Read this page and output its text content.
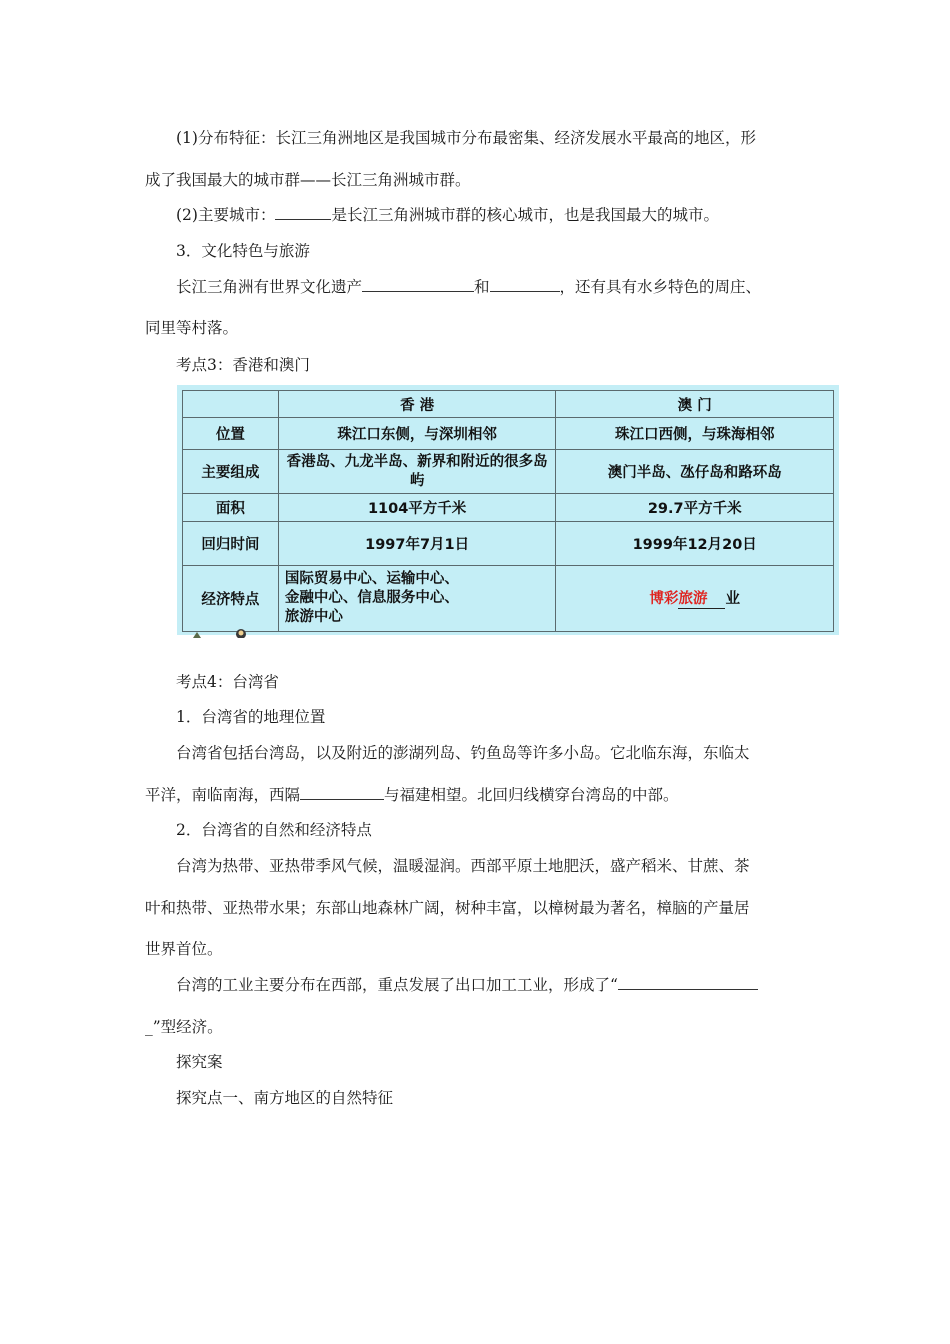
(1)分布特征：长江三角洲地区是我国城市分布最密集、经济发展水平最高的地区，形
成了我国最大的城市群——长江三角洲城市群。
(2)主要城市：	是长江三角洲城市群的核心城市，也是我国最大的城市。
3．文化特色与旅游
长江三角洲有世界文化遗产	和	，还有具有水乡特色的周庄、
同里等村落。
考点3：香港和澳门
	香 港	澳 门
位置	珠江口东侧，与深圳相邻	珠江口西侧，与珠海相邻
主要组成	香港岛、九龙半岛、新界和附近的很多岛屿	澳门半岛、氹仔岛和路环岛
面积	1104平方千米	29.7平方千米
回归时间	1997年7月1日	1999年12月20日
经济特点	国际贸易中心、运输中心、
金融中心、信息服务中心、
旅游中心	博彩旅游 业
考点4：台湾省
1．台湾省的地理位置
台湾省包括台湾岛，以及附近的澎湖列岛、钓鱼岛等许多小岛。它北临东海，东临太
平洋，南临南海，西隔	与福建相望。北回归线横穿台湾岛的中部。
2．台湾省的自然和经济特点
台湾为热带、亚热带季风气候，温暖湿润。西部平原土地肥沃，盛产稻米、甘蔗、茶
叶和热带、亚热带水果；东部山地森林广阔，树种丰富，以樟树最为著名，樟脑的产量居
世界首位。
台湾的工业主要分布在西部，重点发展了出口加工工业，形成了“
_”型经济。
探究案
探究点一、南方地区的自然特征
